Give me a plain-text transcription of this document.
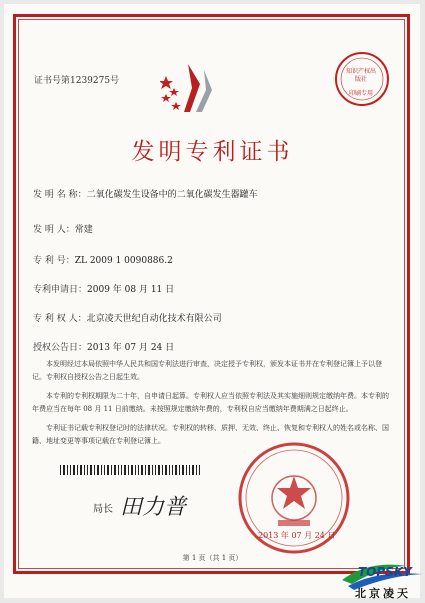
证书号第1239275号
知识产权出版社
印刷专用
发明专利证书
发 明 名 称：二氧化碳发生设备中的二氧化碳发生器罐车
发 明 人：常建
专 利 号：ZL 2009 1 0090886.2
专利申请日：2009 年 08 月 11 日
专 利 权 人：北京凌天世纪自动化技术有限公司
授权公告日：2013 年 07 月 24 日

本发明经过本局依照中华人民共和国专利法进行审查，决定授予专利权，颁发本证书并在专利登记簿上予以登记。专利权自授权公告之日起生效。

本专利的专利权期限为二十年，自申请日起算。专利权人应当依照专利法及其实施细则规定缴纳年费。本专利的年费应当在每年 08 月 11 日前缴纳。未按照规定缴纳年费的，专利权自应当缴纳年费期满之日起终止。

专利证书记载专利权登记时的法律状况。专利权的转移、质押、无效、终止、恢复和专利权人的姓名或名称、国籍、地址变更等事项记载在专利登记簿上。

局长 田力普
2013 年 07 月 24 日
第 1 页（共 1 页）
TOPSKY
北京凌天
